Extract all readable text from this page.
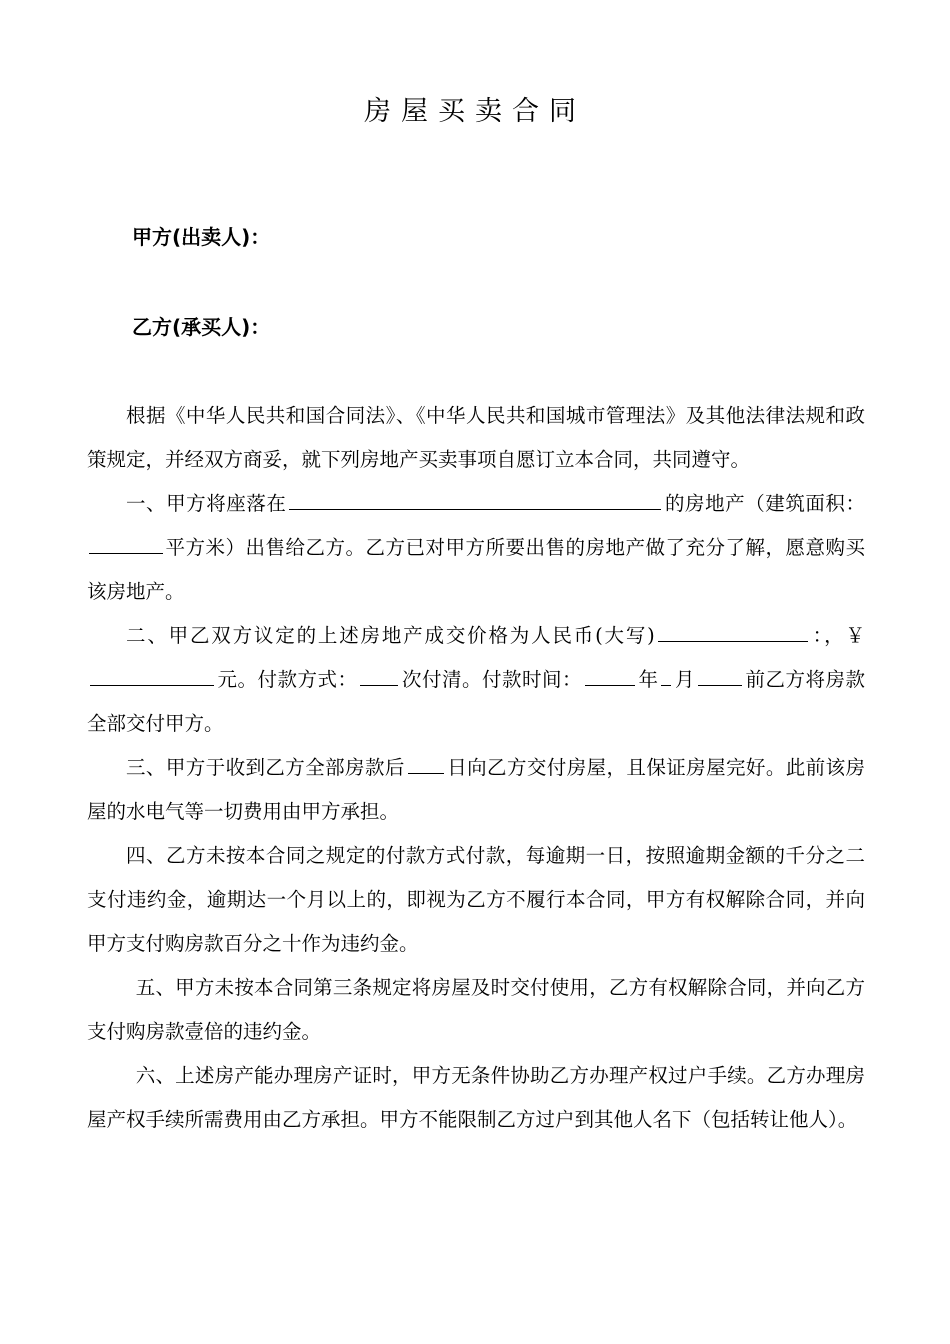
房屋买卖合同
甲方(出卖人)：
乙方(承买人)：

根据《中华人民共和国合同法》、《中华人民共和国城市管理法》及其他法律法规和政策规定，并经双方商妥，就下列房地产买卖事项自愿订立本合同，共同遵守。

一、甲方将座落在	的房地产（建筑面积：平方米）出售给乙方。乙方已对甲方所要出售的房地产做了充分了解，愿意购买该房地产。

二、甲乙双方议定的上述房地产成交价格为人民币(大写)	：，￥元。付款方式： 次付清。付款时间：	年 月	前乙方将房款全部交付甲方。

三、甲方于收到乙方全部房款后 日向乙方交付房屋，且保证房屋完好。此前该房屋的水电气等一切费用由甲方承担。

四、乙方未按本合同之规定的付款方式付款，每逾期一日，按照逾期金额的千分之二支付违约金，逾期达一个月以上的，即视为乙方不履行本合同，甲方有权解除合同，并向甲方支付购房款百分之十作为违约金。

五、甲方未按本合同第三条规定将房屋及时交付使用，乙方有权解除合同，并向乙方支付购房款壹倍的违约金。

六、上述房产能办理房产证时，甲方无条件协助乙方办理产权过户手续。乙方办理房屋产权手续所需费用由乙方承担。甲方不能限制乙方过户到其他人名下（包括转让他人）。
